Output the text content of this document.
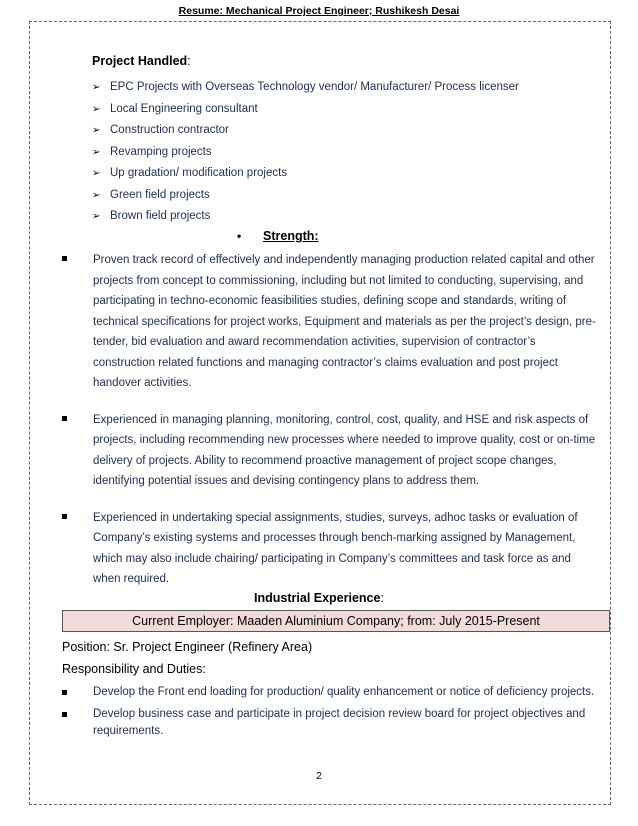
Resume: Mechanical Project Engineer; Rushikesh Desai
Project Handled:
➢ EPC Projects with Overseas Technology vendor/ Manufacturer/ Process licenser
➢ Local Engineering consultant
➢ Construction contractor
➢ Revamping projects
➢ Up gradation/ modification projects
➢ Green field projects
➢ Brown field projects
• Strength:
Proven track record of effectively and independently managing production related capital and other projects from concept to commissioning, including but not limited to conducting, supervising, and participating in techno-economic feasibilities studies, defining scope and standards, writing of technical specifications for project works, Equipment and materials as per the project’s design, pre-tender, bid evaluation and award recommendation activities, supervision of contractor’s construction related functions and managing contractor’s claims evaluation and post project handover activities.
Experienced in managing planning, monitoring, control, cost, quality, and HSE and risk aspects of projects, including recommending new processes where needed to improve quality, cost or on-time delivery of projects. Ability to recommend proactive management of project scope changes, identifying potential issues and devising contingency plans to address them.
Experienced in undertaking special assignments, studies, surveys, adhoc tasks or evaluation of Company’s existing systems and processes through bench-marking assigned by Management, which may also include chairing/ participating in Company’s committees and task force as and when required.
Industrial Experience:
Current Employer: Maaden Aluminium Company; from: July 2015-Present
Position: Sr. Project Engineer (Refinery Area)
Responsibility and Duties:
Develop the Front end loading for production/ quality enhancement or notice of deficiency projects.
Develop business case and participate in project decision review board for project objectives and requirements.
2
